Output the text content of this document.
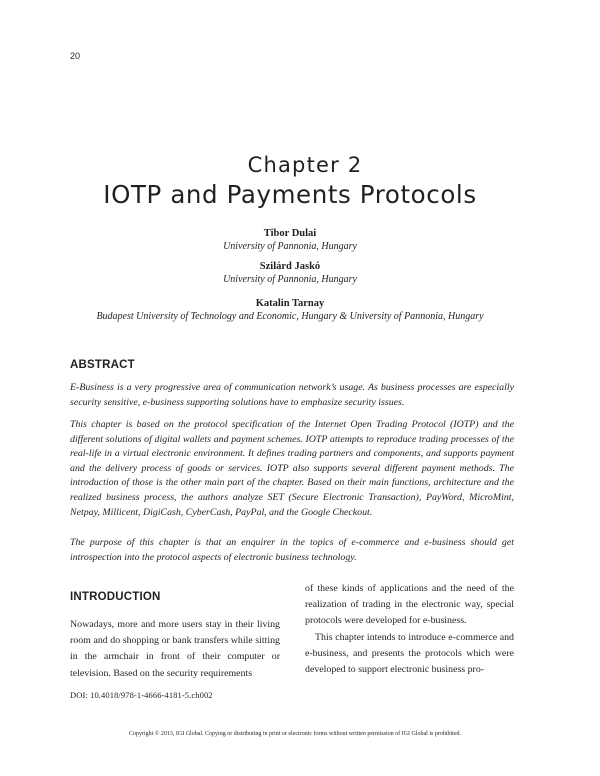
20
Chapter 2
IOTP and Payments Protocols
Tibor Dulai
University of Pannonia, Hungary
Szilárd Jaskó
University of Pannonia, Hungary
Katalin Tarnay
Budapest University of Technology and Economic, Hungary & University of Pannonia, Hungary
ABSTRACT
E-Business is a very progressive area of communication network’s usage. As business processes are especially security sensitive, e-business supporting solutions have to emphasize security issues.
This chapter is based on the protocol specification of the Internet Open Trading Protocol (IOTP) and the different solutions of digital wallets and payment schemes. IOTP attempts to reproduce trading processes of the real-life in a virtual electronic environment. It defines trading partners and components, and supports payment and the delivery process of goods or services. IOTP also supports several different payment methods. The introduction of those is the other main part of the chapter. Based on their main functions, architecture and the realized business process, the authors analyze SET (Secure Electronic Transaction), PayWord, MicroMint, Netpay, Millicent, DigiCash, CyberCash, PayPal, and the Google Checkout.
The purpose of this chapter is that an enquirer in the topics of e-commerce and e-business should get introspection into the protocol aspects of electronic business technology.
INTRODUCTION

Nowadays, more and more users stay in their living room and do shopping or bank transfers while sitting in the armchair in front of their computer or television. Based on the security requirements

of these kinds of applications and the need of the realization of trading in the electronic way, special protocols were developed for e-business.

This chapter intends to introduce e-commerce and e-business, and presents the protocols which were developed to support electronic business pro-

DOI: 10.4018/978-1-4666-4181-5.ch002
Copyright © 2013, IGI Global. Copying or distributing in print or electronic forms without written permission of IGI Global is prohibited.
